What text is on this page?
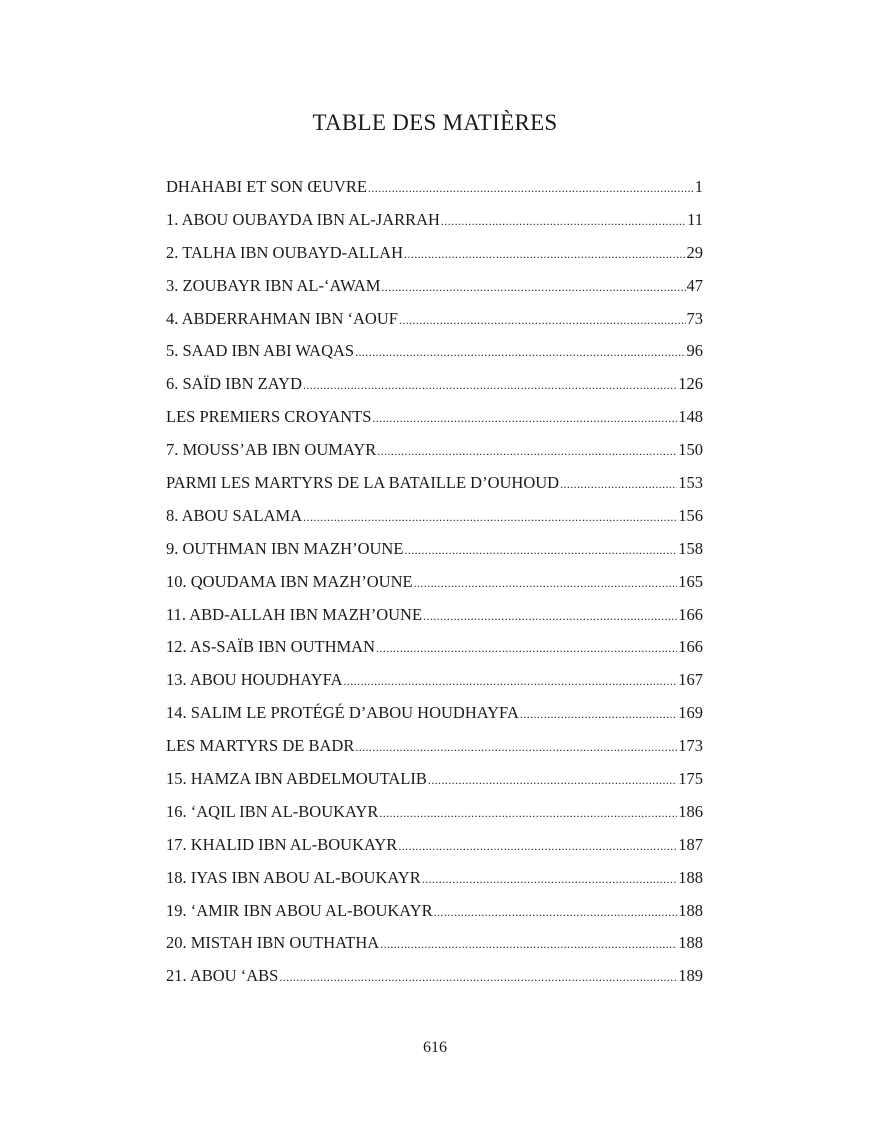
TABLE DES MATIÈRES
DHAHABI ET SON ŒUVRE .....	1
1. ABOU OUBAYDA IBN AL-JARRAH .....	11
2. TALHA IBN OUBAYD-ALLAH .....	29
3. ZOUBAYR IBN AL-‘AWAM .....	47
4. ABDERRAHMAN IBN ‘AOUF .....	73
5. SAAD IBN ABI WAQAS .....	96
6. SAÏD IBN ZAYD .....	126
LES PREMIERS CROYANTS .....	148
7. MOUSS’AB IBN OUMAYR .....	150
PARMI LES MARTYRS DE LA BATAILLE D’OUHOUD .....	153
8. ABOU SALAMA .....	156
9. OUTHMAN IBN MAZH’OUNE .....	158
10. QOUDAMA IBN MAZH’OUNE .....	165
11. ABD-ALLAH IBN MAZH’OUNE .....	166
12. AS-SAÏB IBN OUTHMAN .....	166
13. ABOU HOUDHAYFA .....	167
14. SALIM LE PROTÉGÉ D’ABOU HOUDHAYFA .....	169
LES MARTYRS DE BADR .....	173
15. HAMZA IBN ABDELMOUTALIB .....	175
16. ‘AQIL IBN AL-BOUKAYR .....	186
17. KHALID IBN AL-BOUKAYR .....	187
18. IYAS IBN ABOU AL-BOUKAYR .....	188
19. ‘AMIR IBN ABOU AL-BOUKAYR .....	188
20. MISTAH IBN OUTHATHA .....	188
21. ABOU ‘ABS .....	189
616
